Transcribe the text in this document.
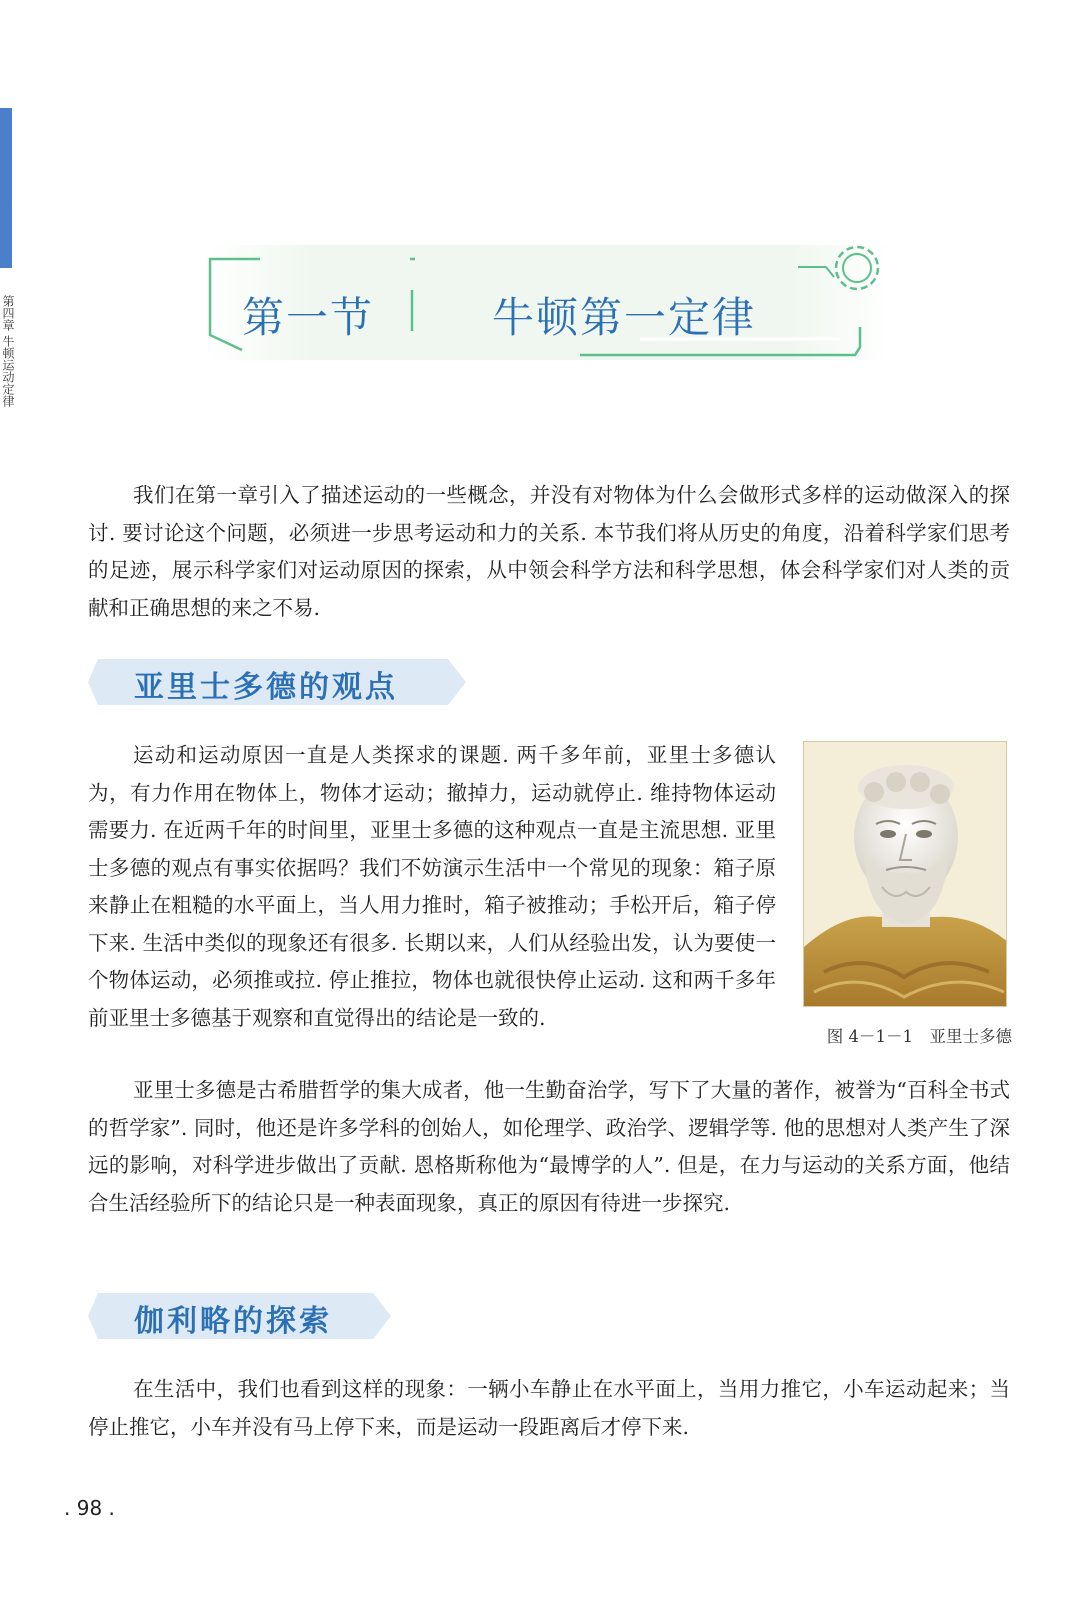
PHYSICS
第四章 牛顿运动定律	第一节	牛顿第一定律

我们在第一章引入了描述运动的一些概念，并没有对物体为什么会做形式多样的运动做深入的探讨. 要讨论这个问题，必须进一步思考运动和力的关系. 本节我们将从历史的角度，沿着科学家们思考的足迹，展示科学家们对运动原因的探索，从中领会科学方法和科学思想，体会科学家们对人类的贡献和正确思想的来之不易.

亚里士多德的观点

运动和运动原因一直是人类探求的课题. 两千多年前，亚里士多德认为，有力作用在物体上，物体才运动；撤掉力，运动就停止. 维持物体运动需要力. 在近两千年的时间里，亚里士多德的这种观点一直是主流思想. 亚里士多德的观点有事实依据吗？我们不妨演示生活中一个常见的现象：箱子原来静止在粗糙的水平面上，当人用力推时，箱子被推动；手松开后，箱子停下来. 生活中类似的现象还有很多. 长期以来，人们从经验出发，认为要使一个物体运动，必须推或拉. 停止推拉，物体也就很快停止运动. 这和两千多年前亚里士多德基于观察和直觉得出的结论是一致的.

图 4－1－1　亚里士多德

亚里士多德是古希腊哲学的集大成者，他一生勤奋治学，写下了大量的著作，被誉为“百科全书式的哲学家”. 同时，他还是许多学科的创始人，如伦理学、政治学、逻辑学等. 他的思想对人类产生了深远的影响，对科学进步做出了贡献. 恩格斯称他为“最博学的人”. 但是，在力与运动的关系方面，他结合生活经验所下的结论只是一种表面现象，真正的原因有待进一步探究.

伽利略的探索

在生活中，我们也看到这样的现象：一辆小车静止在水平面上，当用力推它，小车运动起来；当停止推它，小车并没有马上停下来，而是运动一段距离后才停下来.

. 98 .
